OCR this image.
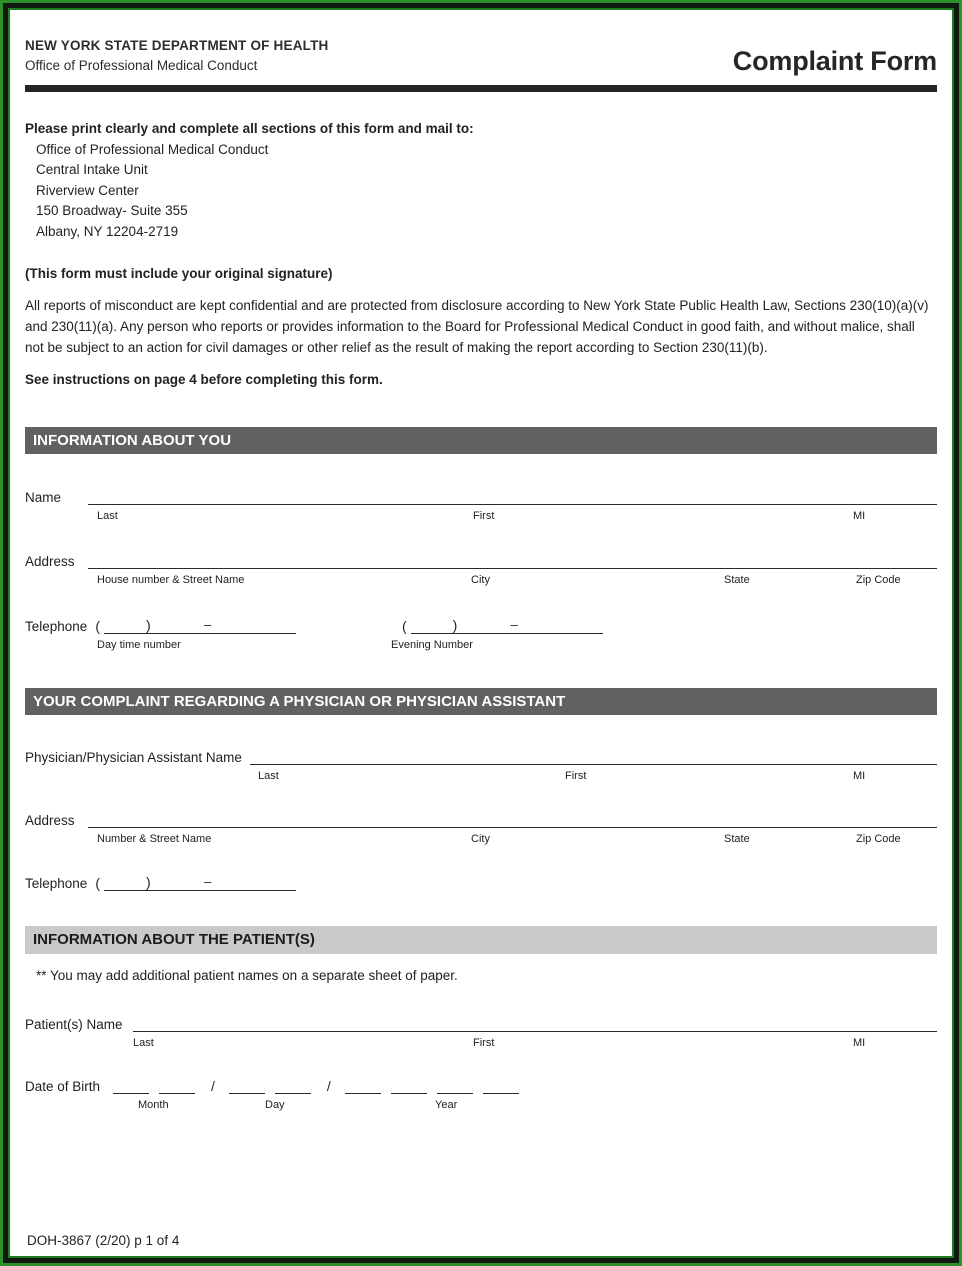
NEW YORK STATE DEPARTMENT OF HEALTH
Office of Professional Medical Conduct	Complaint Form
Please print clearly and complete all sections of this form and mail to:
Office of Professional Medical Conduct
Central Intake Unit
Riverview Center
150 Broadway- Suite 355
Albany, NY 12204-2719
(This form must include your original signature)
All reports of misconduct are kept confidential and are protected from disclosure according to New York State Public Health Law, Sections 230(10)(a)(v) and 230(11)(a). Any person who reports or provides information to the Board for Professional Medical Conduct in good faith, and without malice, shall not be subject to an action for civil damages or other relief as the result of making the report according to Section 230(11)(b).
See instructions on page 4 before completing this form.
INFORMATION ABOUT YOU
Name
Last	First	MI
Address
House number & Street Name	City	State	Zip Code
Telephone (	)	–	(	)	–
Day time number	Evening Number
YOUR COMPLAINT REGARDING A PHYSICIAN OR PHYSICIAN ASSISTANT
Physician/Physician Assistant Name
Last	First	MI
Address
Number & Street Name	City	State	Zip Code
Telephone (	)	–
INFORMATION ABOUT THE PATIENT(S)
** You may add additional patient names on a separate sheet of paper.
Patient(s) Name
Last	First	MI
Date of Birth	/	/
Month	Day	Year
DOH-3867 (2/20) p 1 of 4
